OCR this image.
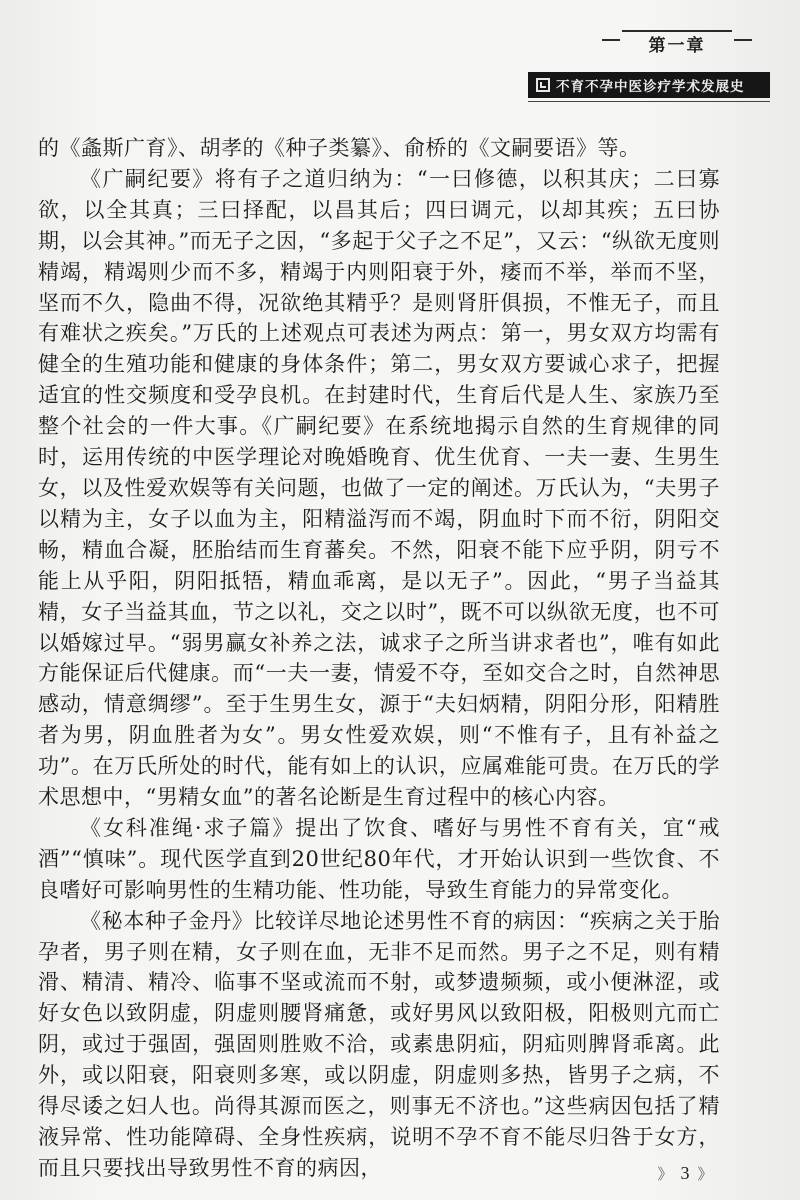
第一章
不育不孕中医诊疗学术发展史

的《螽斯广育》、胡孝的《种子类纂》、俞桥的《文嗣要语》等。

《广嗣纪要》将有子之道归纳为：“一曰修德，以积其庆；二曰寡欲，以全其真；三曰择配，以昌其后；四曰调元，以却其疾；五曰协期，以会其神。”而无子之因，“多起于父子之不足”，又云：“纵欲无度则精竭，精竭则少而不多，精竭于内则阳衰于外，痿而不举，举而不坚，坚而不久，隐曲不得，况欲绝其精乎？是则肾肝俱损，不惟无子，而且有难状之疾矣。”万氏的上述观点可表述为两点：第一，男女双方均需有健全的生殖功能和健康的身体条件；第二，男女双方要诚心求子，把握适宜的性交频度和受孕良机。在封建时代，生育后代是人生、家族乃至整个社会的一件大事。《广嗣纪要》在系统地揭示自然的生育规律的同时，运用传统的中医学理论对晚婚晚育、优生优育、一夫一妻、生男生女，以及性爱欢娱等有关问题，也做了一定的阐述。万氏认为，“夫男子以精为主，女子以血为主，阳精溢泻而不竭，阴血时下而不衍，阴阳交畅，精血合凝，胚胎结而生育蕃矣。不然，阳衰不能下应乎阴，阴亏不能上从乎阳，阴阳抵牾，精血乖离，是以无子”。因此，“男子当益其精，女子当益其血，节之以礼，交之以时”，既不可以纵欲无度，也不可以婚嫁过早。“弱男赢女补养之法，诚求子之所当讲求者也”，唯有如此方能保证后代健康。而“一夫一妻，情爱不夺，至如交合之时，自然神思感动，情意绸缪”。至于生男生女，源于“夫妇炳精，阴阳分形，阳精胜者为男，阴血胜者为女”。男女性爱欢娱，则“不惟有子，且有补益之功”。在万氏所处的时代，能有如上的认识，应属难能可贵。在万氏的学术思想中，“男精女血”的著名论断是生育过程中的核心内容。

《女科准绳·求子篇》提出了饮食、嗜好与男性不育有关，宜“戒酒”“慎味”。现代医学直到20世纪80年代，才开始认识到一些饮食、不良嗜好可影响男性的生精功能、性功能，导致生育能力的异常变化。

《秘本种子金丹》比较详尽地论述男性不育的病因：“疾病之关于胎孕者，男子则在精，女子则在血，无非不足而然。男子之不足，则有精滑、精清、精冷、临事不坚或流而不射，或梦遗频频，或小便淋涩，或好女色以致阴虚，阴虚则腰肾痛惫，或好男风以致阳极，阳极则亢而亡阴，或过于强固，强固则胜败不洽，或素患阴疝，阴疝则脾肾乖离。此外，或以阳衰，阳衰则多寒，或以阴虚，阴虚则多热，皆男子之病，不得尽诿之妇人也。尚得其源而医之，则事无不济也。”这些病因包括了精液异常、性功能障碍、全身性疾病，说明不孕不育不能尽归咎于女方，而且只要找出导致男性不育的病因，	》 3 》
